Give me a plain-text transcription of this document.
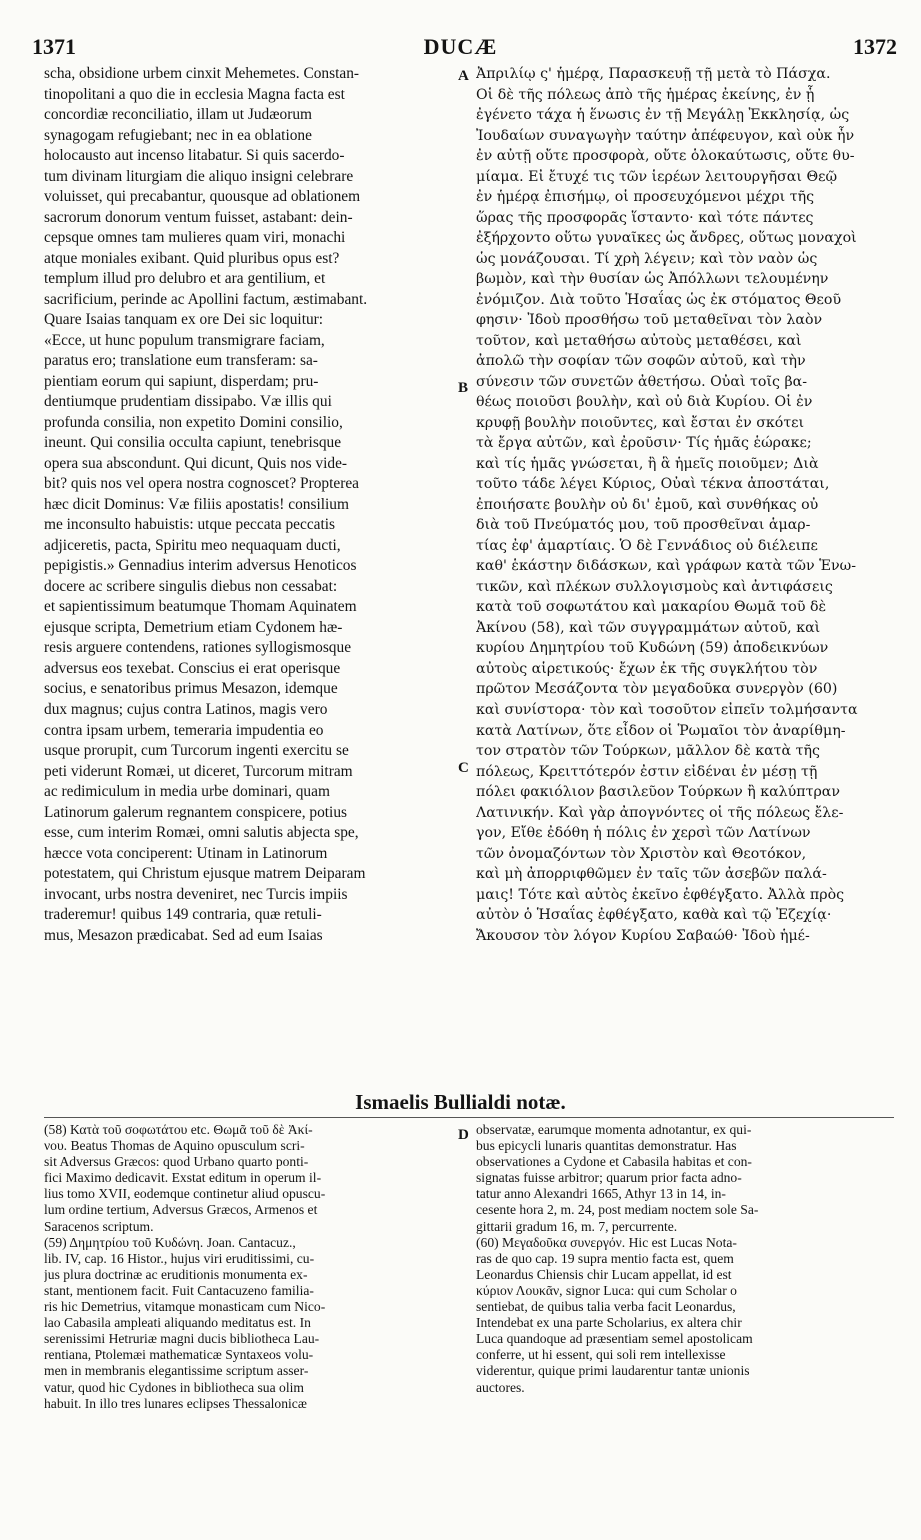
1371	DUCÆ	1372
A
B
C
D
scha, obsidione urbem cinxit Mehemetes. Constan-
tinopolitani a quo die in ecclesia Magna facta est
concordiæ reconciliatio, illam ut Judæorum
synagogam refugiebant; nec in ea oblatione
holocausto aut incenso litabatur. Si quis sacerdo-
tum divinam liturgiam die aliquo insigni celebrare
voluisset, qui precabantur, quousque ad oblationem
sacrorum donorum ventum fuisset, astabant: dein-
cepsque omnes tam mulieres quam viri, monachi
atque moniales exibant. Quid pluribus opus est?
templum illud pro delubro et ara gentilium, et
sacrificium, perinde ac Apollini factum, æstimabant.
Quare Isaias tanquam ex ore Dei sic loquitur:
«Ecce, ut hunc populum transmigrare faciam,
paratus ero; translatione eum transferam: sa-
pientiam eorum qui sapiunt, disperdam; pru-
dentiumque prudentiam dissipabo. Væ illis qui
profunda consilia, non expetito Domini consilio,
ineunt. Qui consilia occulta capiunt, tenebrisque
opera sua abscondunt. Qui dicunt, Quis nos vide-
bit? quis nos vel opera nostra cognoscet? Propterea
hæc dicit Dominus: Væ filiis apostatis! consilium
me inconsulto habuistis: utque peccata peccatis
adjiceretis, pacta, Spiritu meo nequaquam ducti,
pepigistis.» Gennadius interim adversus Henoticos
docere ac scribere singulis diebus non cessabat:
et sapientissimum beatumque Thomam Aquinatem
ejusque scripta, Demetrium etiam Cydonem hæ-
resis arguere contendens, rationes syllogismosque
adversus eos texebat. Conscius ei erat operisque
socius, e senatoribus primus Mesazon, idemque
dux magnus; cujus contra Latinos, magis vero
contra ipsam urbem, temeraria impudentia eo
usque prorupit, cum Turcorum ingenti exercitu se
peti viderunt Romæi, ut diceret, Turcorum mitram
ac redimiculum in media urbe dominari, quam
Latinorum galerum regnantem conspicere, potius
esse, cum interim Romæi, omni salutis abjecta spe,
hæcce vota conciperent: Utinam in Latinorum
potestatem, qui Christum ejusque matrem Deiparam
invocant, urbs nostra deveniret, nec Turcis impiis
traderemur! quibus 149 contraria, quæ retuli-
mus, Mesazon prædicabat. Sed ad eum Isaias
Ἀπριλίῳ ς' ἡμέρᾳ, Παρασκευῇ τῇ μετὰ τὸ Πάσχα.
Οἱ δὲ τῆς πόλεως ἀπὸ τῆς ἡμέρας ἐκείνης, ἐν ᾗ
ἐγένετο τάχα ἡ ἕνωσις ἐν τῇ Μεγάλῃ Ἐκκλησίᾳ, ὡς
Ἰουδαίων συναγωγὴν ταύτην ἀπέφευγον, καὶ οὐκ ἦν
ἐν αὐτῇ οὔτε προσφορὰ, οὔτε ὁλοκαύτωσις, οὔτε θυ-
μίαμα. Εἰ ἔτυχέ τις τῶν ἱερέων λειτουργῆσαι Θεῷ
ἐν ἡμέρᾳ ἐπισήμῳ, οἱ προσευχόμενοι μέχρι τῆς
ὥρας τῆς προσφορᾶς ἵσταντο· καὶ τότε πάντες
ἐξήρχοντο οὕτω γυναῖκες ὡς ἄνδρες, οὕτως μοναχοὶ
ὡς μονάζουσαι. Τί χρὴ λέγειν; καὶ τὸν ναὸν ὡς
βωμὸν, καὶ τὴν θυσίαν ὡς Ἀπόλλωνι τελουμένην
ἐνόμιζον. Διὰ τοῦτο Ἡσαΐας ὡς ἐκ στόματος Θεοῦ
φησιν· Ἰδοὺ προσθήσω τοῦ μεταθεῖναι τὸν λαὸν
τοῦτον, καὶ μεταθήσω αὐτοὺς μεταθέσει, καὶ
ἀπολῶ τὴν σοφίαν τῶν σοφῶν αὐτοῦ, καὶ τὴν
σύνεσιν τῶν συνετῶν ἀθετήσω. Οὐαὶ τοῖς βα-
θέως ποιοῦσι βουλὴν, καὶ οὐ διὰ Κυρίου. Οἱ ἐν
κρυφῇ βουλὴν ποιοῦντες, καὶ ἔσται ἐν σκότει
τὰ ἔργα αὐτῶν, καὶ ἐροῦσιν· Τίς ἡμᾶς ἑώρακε;
καὶ τίς ἡμᾶς γνώσεται, ἢ ἃ ἡμεῖς ποιοῦμεν; Διὰ
τοῦτο τάδε λέγει Κύριος, Οὐαὶ τέκνα ἀποστάται,
ἐποιήσατε βουλὴν οὐ δι' ἐμοῦ, καὶ συνθήκας οὐ
διὰ τοῦ Πνεύματός μου, τοῦ προσθεῖναι ἁμαρ-
τίας ἐφ' ἁμαρτίαις. Ὁ δὲ Γεννάδιος οὐ διέλειπε
καθ' ἑκάστην διδάσκων, καὶ γράφων κατὰ τῶν Ἑνω-
τικῶν, καὶ πλέκων συλλογισμοὺς καὶ ἀντιφάσεις
κατὰ τοῦ σοφωτάτου καὶ μακαρίου Θωμᾶ τοῦ δὲ
Ἀκίνου (58), καὶ τῶν συγγραμμάτων αὐτοῦ, καὶ
κυρίου Δημητρίου τοῦ Κυδώνη (59) ἀποδεικνύων
αὐτοὺς αἱρετικούς· ἔχων ἐκ τῆς συγκλήτου τὸν
πρῶτον Μεσάζοντα τὸν μεγαδοῦκα συνεργὸν (60)
καὶ συνίστορα· τὸν καὶ τοσοῦτον εἰπεῖν τολμήσαντα
κατὰ Λατίνων, ὅτε εἶδον οἱ Ῥωμαῖοι τὸν ἀναρίθμη-
τον στρατὸν τῶν Τούρκων, μᾶλλον δὲ κατὰ τῆς
πόλεως, Κρειττότερόν ἐστιν εἰδέναι ἐν μέσῃ τῇ
πόλει φακιόλιον βασιλεῦον Τούρκων ἢ καλύπτραν
Λατινικήν. Καὶ γὰρ ἀπογνόντες οἱ τῆς πόλεως ἔλε-
γον, Εἴθε ἐδόθη ἡ πόλις ἐν χερσὶ τῶν Λατίνων
τῶν ὀνομαζόντων τὸν Χριστὸν καὶ Θεοτόκον,
καὶ μὴ ἀπορριφθῶμεν ἐν ταῖς τῶν ἀσεβῶν παλά-
μαις! Τότε καὶ αὐτὸς ἐκεῖνο ἐφθέγξατο. Ἀλλὰ πρὸς
αὐτὸν ὁ Ἡσαΐας ἐφθέγξατο, καθὰ καὶ τῷ Ἐζεχίᾳ·
Ἄκουσον τὸν λόγον Κυρίου Σαβαώθ· Ἰδοὺ ἡμέ-
Ismaelis Bullialdi notæ.
(58) Κατὰ τοῦ σοφωτάτου etc. Θωμᾶ τοῦ δὲ Ἀκί-
νου. Beatus Thomas de Aquino opusculum scri-
sit Adversus Græcos: quod Urbano quarto ponti-
fici Maximo dedicavit. Exstat editum in operum il-
lius tomo XVII, eodemque continetur aliud opuscu-
lum ordine tertium, Adversus Græcos, Armenos et
Saracenos scriptum.
(59) Δημητρίου τοῦ Κυδώνη. Joan. Cantacuz.,
lib. IV, cap. 16 Histor., hujus viri eruditissimi, cu-
jus plura doctrinæ ac eruditionis monumenta ex-
stant, mentionem facit. Fuit Cantacuzeno familia-
ris hic Demetrius, vitamque monasticam cum Nico-
lao Cabasila ampleati aliquando meditatus est. In
serenissimi Hetruriæ magni ducis bibliotheca Lau-
rentiana, Ptolemæi mathematicæ Syntaxeos volu-
men in membranis elegantissime scriptum asser-
vatur, quod hic Cydones in bibliotheca sua olim
habuit. In illo tres lunares eclipses Thessalonicæ
observatæ, earumque momenta adnotantur, ex qui-
bus epicycli lunaris quantitas demonstratur. Has
observationes a Cydone et Cabasila habitas et con-
signatas fuisse arbitror; quarum prior facta adno-
tatur anno Alexandri 1665, Athyr 13 in 14, in-
cesente hora 2, m. 24, post mediam noctem sole Sa-
gittarii gradum 16, m. 7, percurrente.
(60) Μεγαδοῦκα συνεργόν. Hic est Lucas Nota-
ras de quo cap. 19 supra mentio facta est, quem
Leonardus Chiensis chir Lucam appellat, id est
κύριον Λουκᾶν, signor Luca: qui cum Scholar o
sentiebat, de quibus talia verba facit Leonardus,
Intendebat ex una parte Scholarius, ex altera chir
Luca quandoque ad præsentiam semel apostolicam
conferre, ut hi essent, qui soli rem intellexisse
viderentur, quique primi laudarentur tantæ unionis
auctores.
